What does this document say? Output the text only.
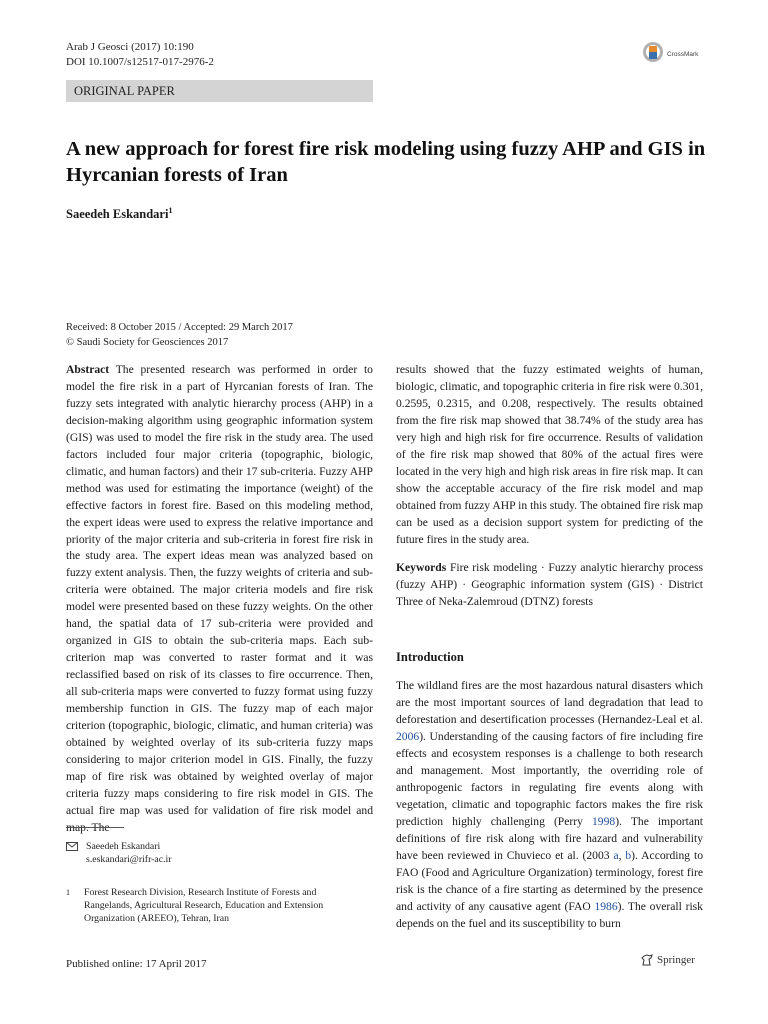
Arab J Geosci (2017) 10:190
DOI 10.1007/s12517-017-2976-2
CrossMark
ORIGINAL PAPER
A new approach for forest fire risk modeling using fuzzy AHP and GIS in Hyrcanian forests of Iran
Saeedeh Eskandari$^1$
Received: 8 October 2015 / Accepted: 29 March 2017
© Saudi Society for Geosciences 2017

Abstract The presented research was performed in order to model the fire risk in a part of Hyrcanian forests of Iran. The fuzzy sets integrated with analytic hierarchy process (AHP) in a decision-making algorithm using geographic information system (GIS) was used to model the fire risk in the study area. The used factors included four major criteria (topographic, biologic, climatic, and human factors) and their 17 sub-criteria. Fuzzy AHP method was used for estimating the importance (weight) of the effective factors in forest fire. Based on this modeling method, the expert ideas were used to express the relative importance and priority of the major criteria and sub-criteria in forest fire risk in the study area. The expert ideas mean was analyzed based on fuzzy extent analysis. Then, the fuzzy weights of criteria and sub-criteria were obtained. The major criteria models and fire risk model were presented based on these fuzzy weights. On the other hand, the spatial data of 17 sub-criteria were provided and organized in GIS to obtain the sub-criteria maps. Each sub-criterion map was converted to raster format and it was reclassified based on risk of its classes to fire occurrence. Then, all sub-criteria maps were converted to fuzzy format using fuzzy membership function in GIS. The fuzzy map of each major criterion (topographic, biologic, climatic, and human criteria) was obtained by weighted overlay of its sub-criteria fuzzy maps considering to major criterion model in GIS. Finally, the fuzzy map of fire risk was obtained by weighted overlay of major criteria fuzzy maps considering to fire risk model in GIS. The actual fire map was used for validation of fire risk model and map. The

results showed that the fuzzy estimated weights of human, biologic, climatic, and topographic criteria in fire risk were 0.301, 0.2595, 0.2315, and 0.208, respectively. The results obtained from the fire risk map showed that 38.74% of the study area has very high and high risk for fire occurrence. Results of validation of the fire risk map showed that 80% of the actual fires were located in the very high and high risk areas in fire risk map. It can show the acceptable accuracy of the fire risk model and map obtained from fuzzy AHP in this study. The obtained fire risk map can be used as a decision support system for predicting of the future fires in the study area.

Keywords Fire risk modeling · Fuzzy analytic hierarchy process (fuzzy AHP) · Geographic information system (GIS) · District Three of Neka-Zalemroud (DTNZ) forests

Introduction

The wildland fires are the most hazardous natural disasters which are the most important sources of land degradation that lead to deforestation and desertification processes (Hernandez-Leal et al. 2006). Understanding of the causing factors of fire including fire effects and ecosystem responses is a challenge to both research and management. Most importantly, the overriding role of anthropogenic factors in regulating fire events along with vegetation, climatic and topographic factors makes the fire risk prediction highly challenging (Perry 1998). The important definitions of fire risk along with fire hazard and vulnerability have been reviewed in Chuvieco et al. (2003 a, b). According to FAO (Food and Agriculture Organization) terminology, forest fire risk is the chance of a fire starting as determined by the presence and activity of any causative agent (FAO 1986). The overall risk depends on the fuel and its susceptibility to burn

Saeedeh Eskandari
s.eskandari@rifr-ac.ir
1	Forest Research Division, Research Institute of Forests and Rangelands, Agricultural Research, Education and Extension Organization (AREEO), Tehran, Iran
Published online: 17 April 2017	Springer
